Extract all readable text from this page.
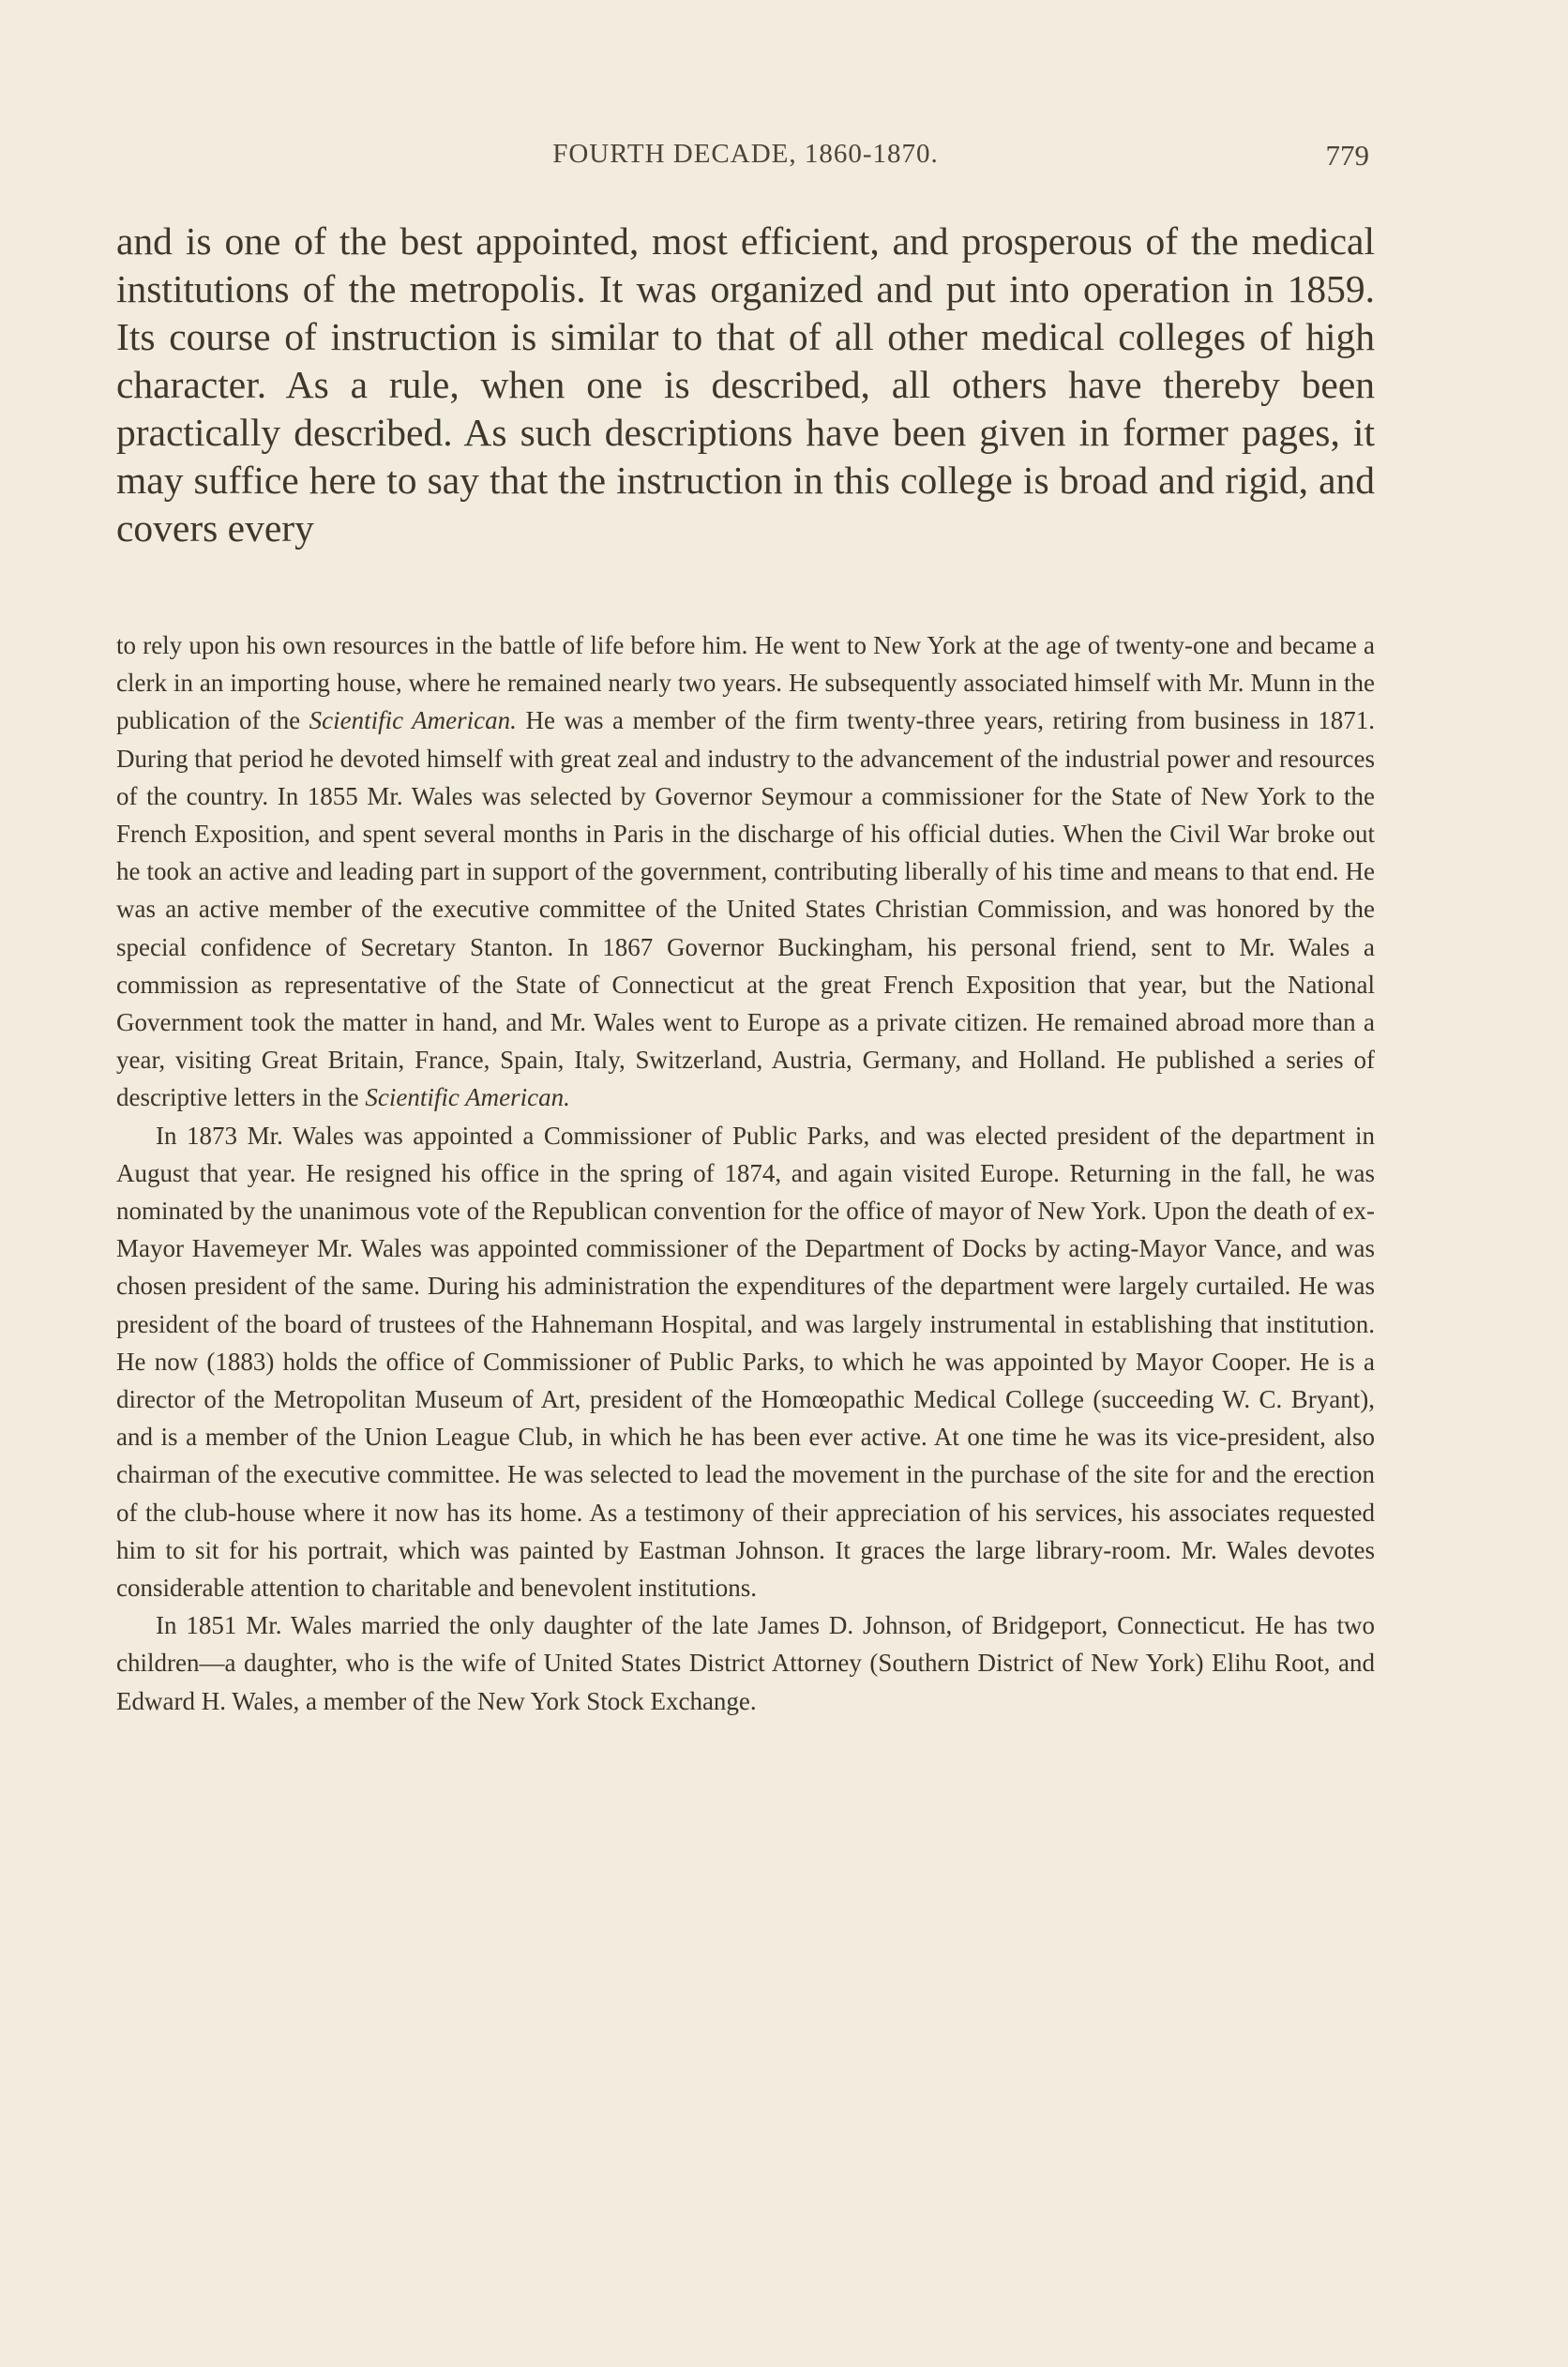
FOURTH DECADE, 1860-1870.	779

and is one of the best appointed, most efficient, and prosperous of the medical institutions of the metropolis. It was organized and put into operation in 1859. Its course of instruction is similar to that of all other medical colleges of high character. As a rule, when one is described, all others have thereby been practically described. As such descriptions have been given in former pages, it may suffice here to say that the instruction in this college is broad and rigid, and covers every

to rely upon his own resources in the battle of life before him. He went to New York at the age of twenty-one and became a clerk in an importing house, where he remained nearly two years. He subsequently associated himself with Mr. Munn in the publication of the Scientific American. He was a member of the firm twenty-three years, retiring from business in 1871. During that period he devoted himself with great zeal and industry to the advancement of the industrial power and resources of the country. In 1855 Mr. Wales was selected by Governor Seymour a commissioner for the State of New York to the French Exposition, and spent several months in Paris in the discharge of his official duties. When the Civil War broke out he took an active and leading part in support of the government, contributing liberally of his time and means to that end. He was an active member of the executive committee of the United States Christian Commission, and was honored by the special confidence of Secretary Stanton. In 1867 Governor Buckingham, his personal friend, sent to Mr. Wales a commission as representative of the State of Connecticut at the great French Exposition that year, but the National Government took the matter in hand, and Mr. Wales went to Europe as a private citizen. He remained abroad more than a year, visiting Great Britain, France, Spain, Italy, Switzerland, Austria, Germany, and Holland. He published a series of descriptive letters in the Scientific American.

In 1873 Mr. Wales was appointed a Commissioner of Public Parks, and was elected president of the department in August that year. He resigned his office in the spring of 1874, and again visited Europe. Returning in the fall, he was nominated by the unanimous vote of the Republican convention for the office of mayor of New York. Upon the death of ex-Mayor Havemeyer Mr. Wales was appointed commissioner of the Department of Docks by acting-Mayor Vance, and was chosen president of the same. During his administration the expenditures of the department were largely curtailed. He was president of the board of trustees of the Hahnemann Hospital, and was largely instrumental in establishing that institution. He now (1883) holds the office of Commissioner of Public Parks, to which he was appointed by Mayor Cooper. He is a director of the Metropolitan Museum of Art, president of the Homœopathic Medical College (succeeding W. C. Bryant), and is a member of the Union League Club, in which he has been ever active. At one time he was its vice-president, also chairman of the executive committee. He was selected to lead the movement in the purchase of the site for and the erection of the club-house where it now has its home. As a testimony of their appreciation of his services, his associates requested him to sit for his portrait, which was painted by Eastman Johnson. It graces the large library-room. Mr. Wales devotes considerable attention to charitable and benevolent institutions.

In 1851 Mr. Wales married the only daughter of the late James D. Johnson, of Bridgeport, Connecticut. He has two children—a daughter, who is the wife of United States District Attorney (Southern District of New York) Elihu Root, and Edward H. Wales, a member of the New York Stock Exchange.
